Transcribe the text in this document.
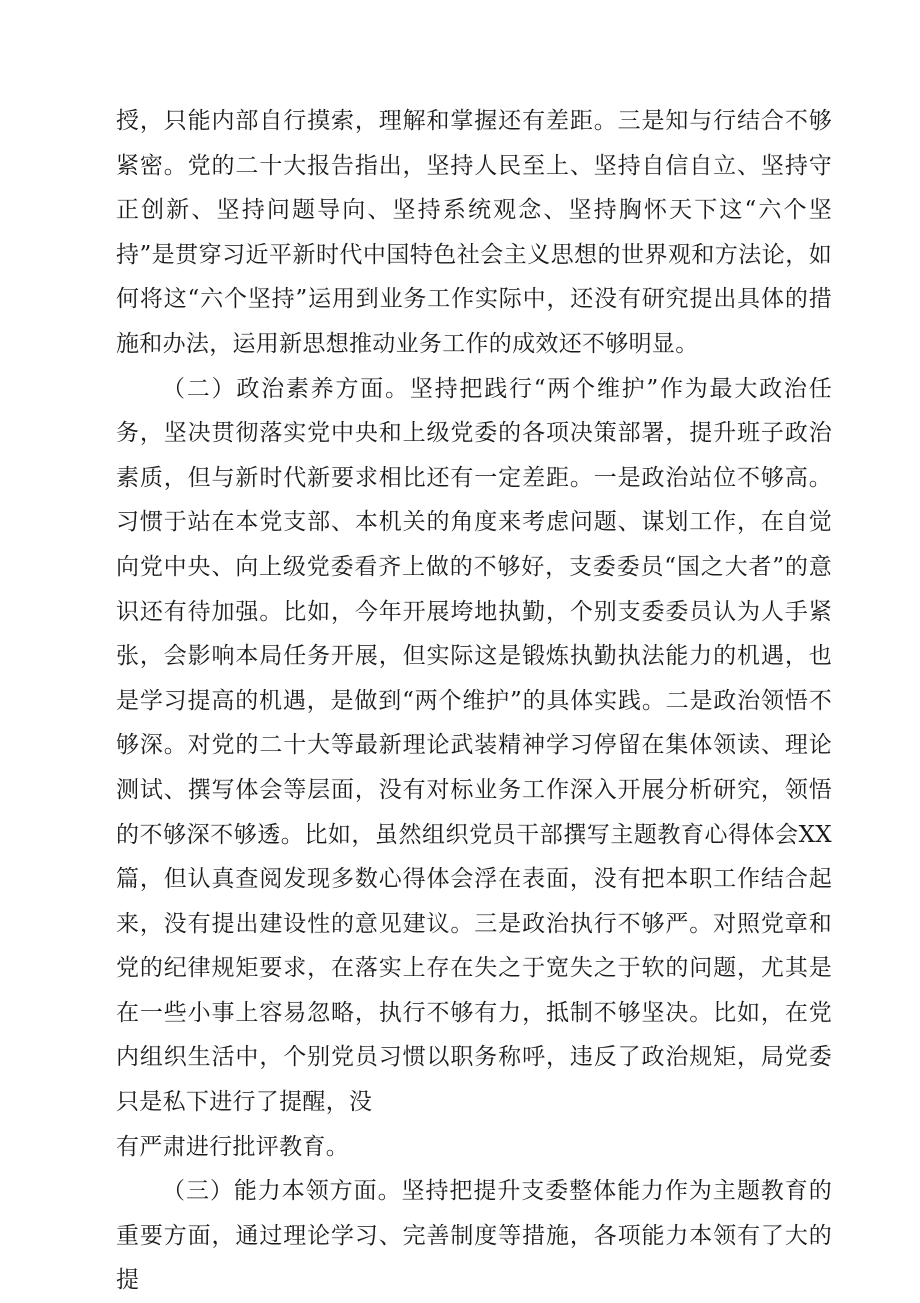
授，只能内部自行摸索，理解和掌握还有差距。三是知与行结合不够紧密。党的二十大报告指出，坚持人民至上、坚持自信自立、坚持守正创新、坚持问题导向、坚持系统观念、坚持胸怀天下这“六个坚持”是贯穿习近平新时代中国特色社会主义思想的世界观和方法论，如何将这“六个坚持”运用到业务工作实际中，还没有研究提出具体的措施和办法，运用新思想推动业务工作的成效还不够明显。

（二）政治素养方面。坚持把践行“两个维护”作为最大政治任务，坚决贯彻落实党中央和上级党委的各项决策部署，提升班子政治素质，但与新时代新要求相比还有一定差距。一是政治站位不够高。习惯于站在本党支部、本机关的角度来考虑问题、谋划工作，在自觉向党中央、向上级党委看齐上做的不够好，支委委员“国之大者”的意识还有待加强。比如，今年开展垮地执勤，个别支委委员认为人手紧张，会影响本局任务开展，但实际这是锻炼执勤执法能力的机遇，也是学习提高的机遇，是做到“两个维护”的具体实践。二是政治领悟不够深。对党的二十大等最新理论武装精神学习停留在集体领读、理论测试、撰写体会等层面，没有对标业务工作深入开展分析研究，领悟的不够深不够透。比如，虽然组织党员干部撰写主题教育心得体会XX篇，但认真查阅发现多数心得体会浮在表面，没有把本职工作结合起来，没有提出建设性的意见建议。三是政治执行不够严。对照党章和党的纪律规矩要求，在落实上存在失之于宽失之于软的问题，尤其是在一些小事上容易忽略，执行不够有力，抵制不够坚决。比如，在党内组织生活中，个别党员习惯以职务称呼，违反了政治规矩，局党委只是私下进行了提醒，没
有严肃进行批评教育。

（三）能力本领方面。坚持把提升支委整体能力作为主题教育的重要方面，通过理论学习、完善制度等措施，各项能力本领有了大的提
